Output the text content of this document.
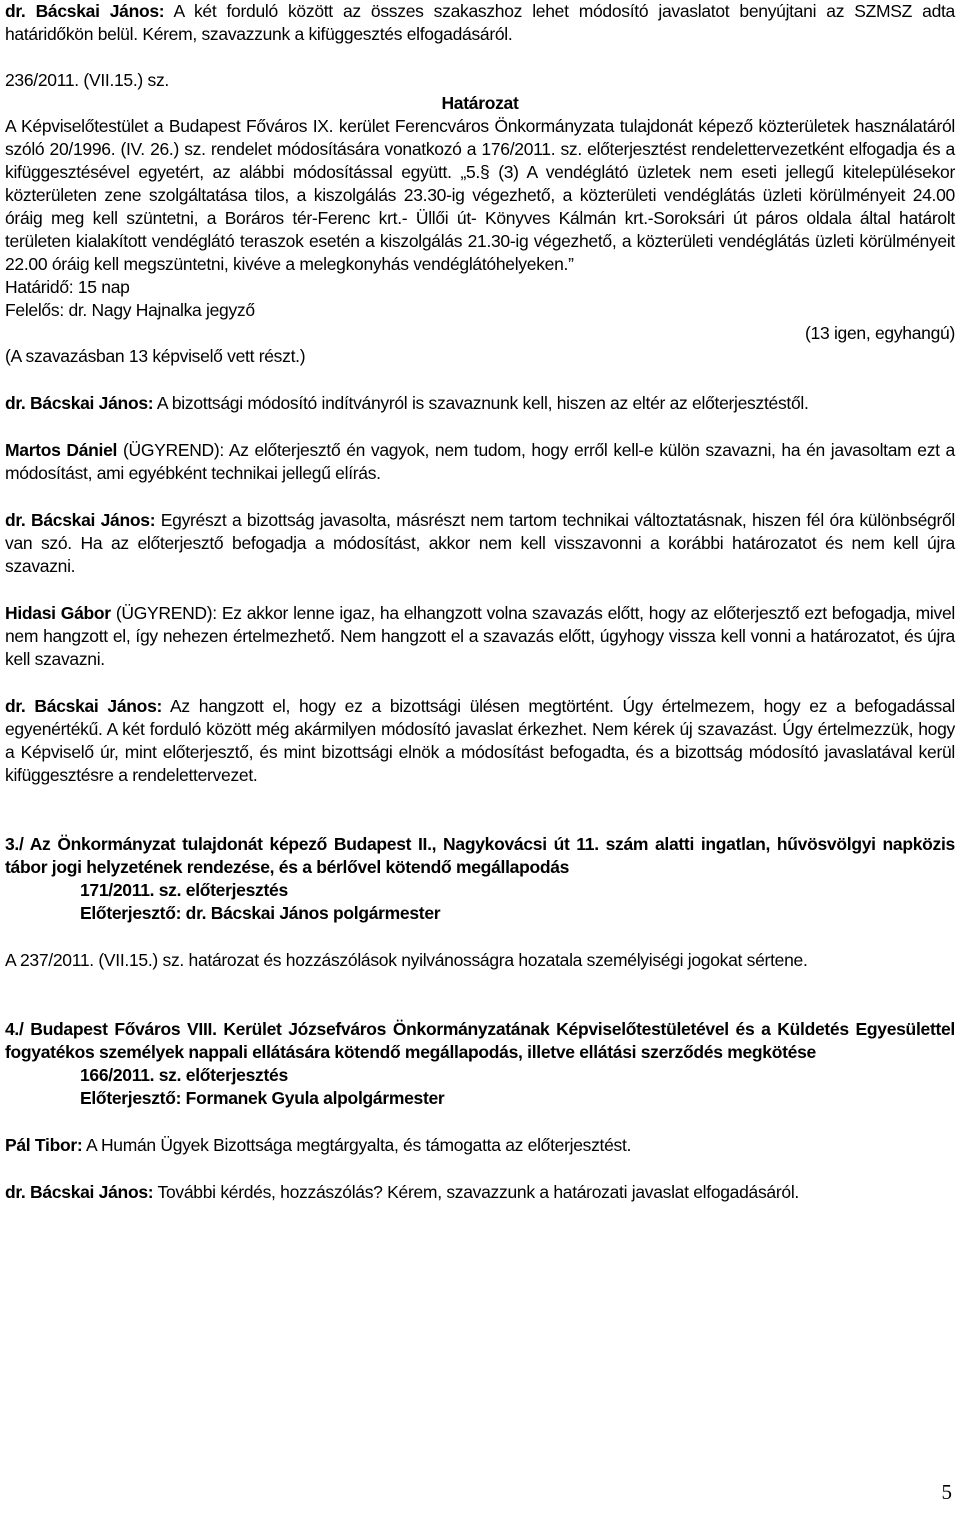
dr. Bácskai János: A két forduló között az összes szakaszhoz lehet módosító javaslatot benyújtani az SZMSZ adta határidőkön belül. Kérem, szavazzunk a kifüggesztés elfogadásáról.

236/2011. (VII.15.) sz.

Határozat

A Képviselőtestület a Budapest Főváros IX. kerület Ferencváros Önkormányzata tulajdonát képező közterületek használatáról szóló 20/1996. (IV. 26.) sz. rendelet módosítására vonatkozó a 176/2011. sz. előterjesztést rendelettervezetként elfogadja és a kifüggesztésével egyetért, az alábbi módosítással együtt. „5.§ (3) A vendéglátó üzletek nem eseti jellegű kitelepülésekor közterületen zene szolgáltatása tilos, a kiszolgálás 23.30-ig végezhető, a közterületi vendéglátás üzleti körülményeit 24.00 óráig meg kell szüntetni, a Boráros tér-Ferenc krt.- Üllői út- Könyves Kálmán krt.-Soroksári út páros oldala által határolt területen kialakított vendéglátó teraszok esetén a kiszolgálás 21.30-ig végezhető, a közterületi vendéglátás üzleti körülményeit 22.00 óráig kell megszüntetni, kivéve a melegkonyhás vendéglátóhelyeken.”

Határidő: 15 nap

Felelős: dr. Nagy Hajnalka jegyző

(13 igen, egyhangú)
(A szavazásban 13 képviselő vett részt.)

dr. Bácskai János: A bizottsági módosító indítványról is szavaznunk kell, hiszen az eltér az előterjesztéstől.

Martos Dániel (ÜGYREND): Az előterjesztő én vagyok, nem tudom, hogy erről kell-e külön szavazni, ha én javasoltam ezt a módosítást, ami egyébként technikai jellegű elírás.

dr. Bácskai János: Egyrészt a bizottság javasolta, másrészt nem tartom technikai változtatásnak, hiszen fél óra különbségről van szó. Ha az előterjesztő befogadja a módosítást, akkor nem kell visszavonni a korábbi határozatot és nem kell újra szavazni.

Hidasi Gábor (ÜGYREND): Ez akkor lenne igaz, ha elhangzott volna szavazás előtt, hogy az előterjesztő ezt befogadja, mivel nem hangzott el, így nehezen értelmezhető. Nem hangzott el a szavazás előtt, úgyhogy vissza kell vonni a határozatot, és újra kell szavazni.

dr. Bácskai János: Az hangzott el, hogy ez a bizottsági ülésen megtörtént. Úgy értelmezem, hogy ez a befogadással egyenértékű. A két forduló között még akármilyen módosító javaslat érkezhet. Nem kérek új szavazást. Úgy értelmezzük, hogy a Képviselő úr, mint előterjesztő, és mint bizottsági elnök a módosítást befogadta, és a bizottság módosító javaslatával kerül kifüggesztésre a rendelettervezet.

3./ Az Önkormányzat tulajdonát képező Budapest II., Nagykovácsi út 11. szám alatti ingatlan, hűvösvölgyi napközis tábor jogi helyzetének rendezése, és a bérlővel kötendő megállapodás

171/2011. sz. előterjesztés

Előterjesztő: dr. Bácskai János polgármester

A 237/2011. (VII.15.) sz. határozat és hozzászólások nyilvánosságra hozatala személyiségi jogokat sértene.

4./ Budapest Főváros VIII. Kerület Józsefváros Önkormányzatának Képviselőtestületével és a Küldetés Egyesülettel fogyatékos személyek nappali ellátására kötendő megállapodás, illetve ellátási szerződés megkötése

166/2011. sz. előterjesztés

Előterjesztő: Formanek Gyula alpolgármester

Pál Tibor: A Humán Ügyek Bizottsága megtárgyalta, és támogatta az előterjesztést.

dr. Bácskai János: További kérdés, hozzászólás? Kérem, szavazzunk a határozati javaslat elfogadásáról.

5
